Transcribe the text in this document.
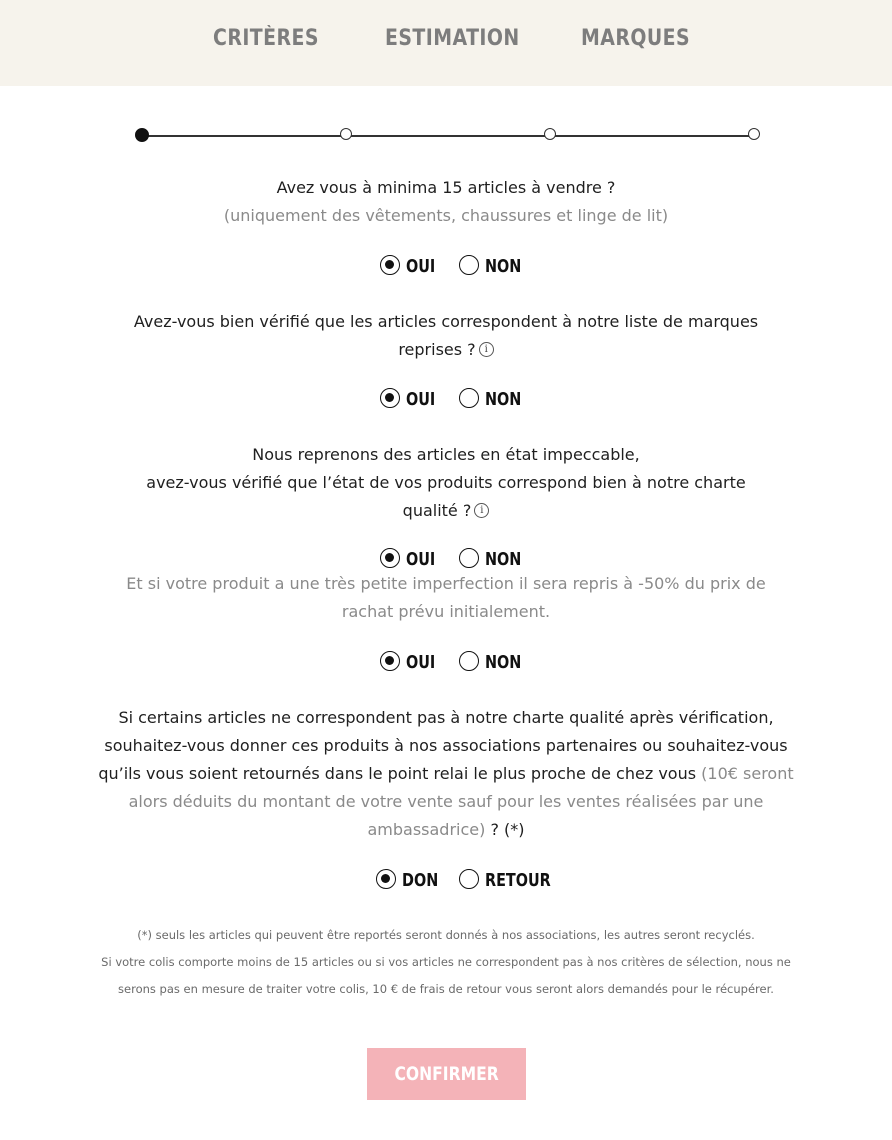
CRITÈRES	ESTIMATION	MARQUES
Avez vous à minima 15 articles à vendre ?
(uniquement des vêtements, chaussures et linge de lit)
OUI	NON
Avez-vous bien vérifié que les articles correspondent à notre liste de marques
reprises ? i
OUI	NON
Nous reprenons des articles en état impeccable,
avez-vous vérifié que l’état de vos produits correspond bien à notre charte
qualité ? i
OUI	NON
Et si votre produit a une très petite imperfection il sera repris à -50% du prix de
rachat prévu initialement.
OUI	NON
Si certains articles ne correspondent pas à notre charte qualité après vérification,
souhaitez-vous donner ces produits à nos associations partenaires ou souhaitez-vous
qu’ils vous soient retournés dans le point relai le plus proche de chez vous (10€ seront
alors déduits du montant de votre vente sauf pour les ventes réalisées par une
ambassadrice) ? (*)
DON	RETOUR
(*) seuls les articles qui peuvent être reportés seront donnés à nos associations, les autres seront recyclés.
Si votre colis comporte moins de 15 articles ou si vos articles ne correspondent pas à nos critères de sélection, nous ne
serons pas en mesure de traiter votre colis, 10 € de frais de retour vous seront alors demandés pour le récupérer.
CONFIRMER
